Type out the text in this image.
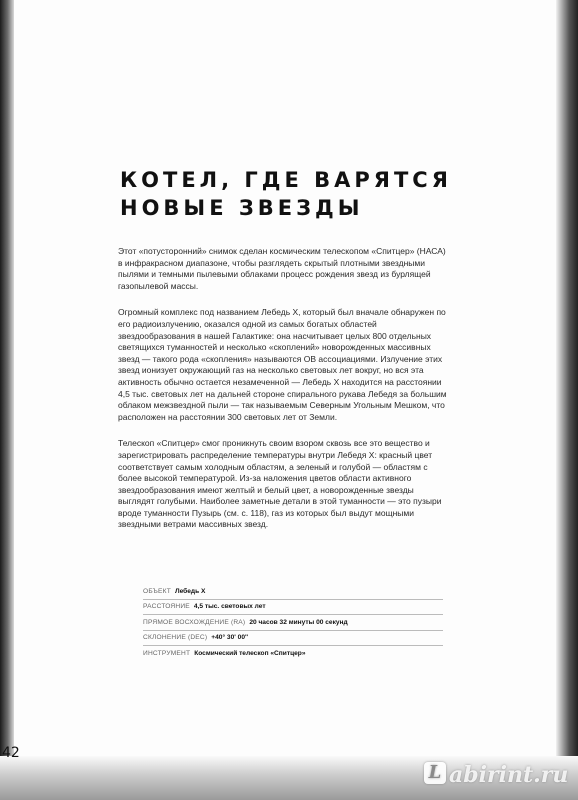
КОТЕЛ, ГДЕ ВАРЯТСЯ
НОВЫЕ ЗВЕЗДЫ

Этот «потусторонний» снимок сделан космическим телескопом «Спитцер» (НАСА) в инфракрасном диапазоне, чтобы разглядеть скрытый плотными звездными пылями и темными пылевыми облаками процесс рождения звезд из бурлящей газопылевой массы.

Огромный комплекс под названием Лебедь X, который был вначале обнаружен по его радиоизлучению, оказался одной из самых богатых областей звездообразования в нашей Галактике: она насчитывает целых 800 отдельных светящихся туманностей и несколько «скоплений» новорожденных массивных звезд — такого рода «скопления» называются OB ассоциациями. Излучение этих звезд ионизует окружающий газ на несколько световых лет вокруг, но вся эта активность обычно остается незамеченной — Лебедь X находится на расстоянии 4,5 тыс. световых лет на дальней стороне спирального рукава Лебедя за большим облаком межзвездной пыли — так называемым Северным Угольным Мешком, что расположен на расстоянии 300 световых лет от Земли.

Телескоп «Спитцер» смог проникнуть своим взором сквозь все это вещество и зарегистрировать распределение температуры внутри Лебедя X: красный цвет соответствует самым холодным областям, а зеленый и голубой — областям с более высокой температурой. Из-за наложения цветов области активного звездообразования имеют желтый и белый цвет, а новорожденные звезды выглядят голубыми. Наиболее заметные детали в этой туманности — это пузыри вроде туманности Пузырь (см. с. 118), газ из которых был выдут мощными звездными ветрами массивных звезд.

ОБЪЕКТ Лебедь X
РАССТОЯНИЕ 4,5 тыс. световых лет
ПРЯМОЕ ВОСХОЖДЕНИЕ (RA) 20 часов 32 минуты 00 секунд
СКЛОНЕНИЕ (DEC) +40° 30' 00''
ИНСТРУМЕНТ Космический телескоп «Спитцер»
42
L abirint.ru
